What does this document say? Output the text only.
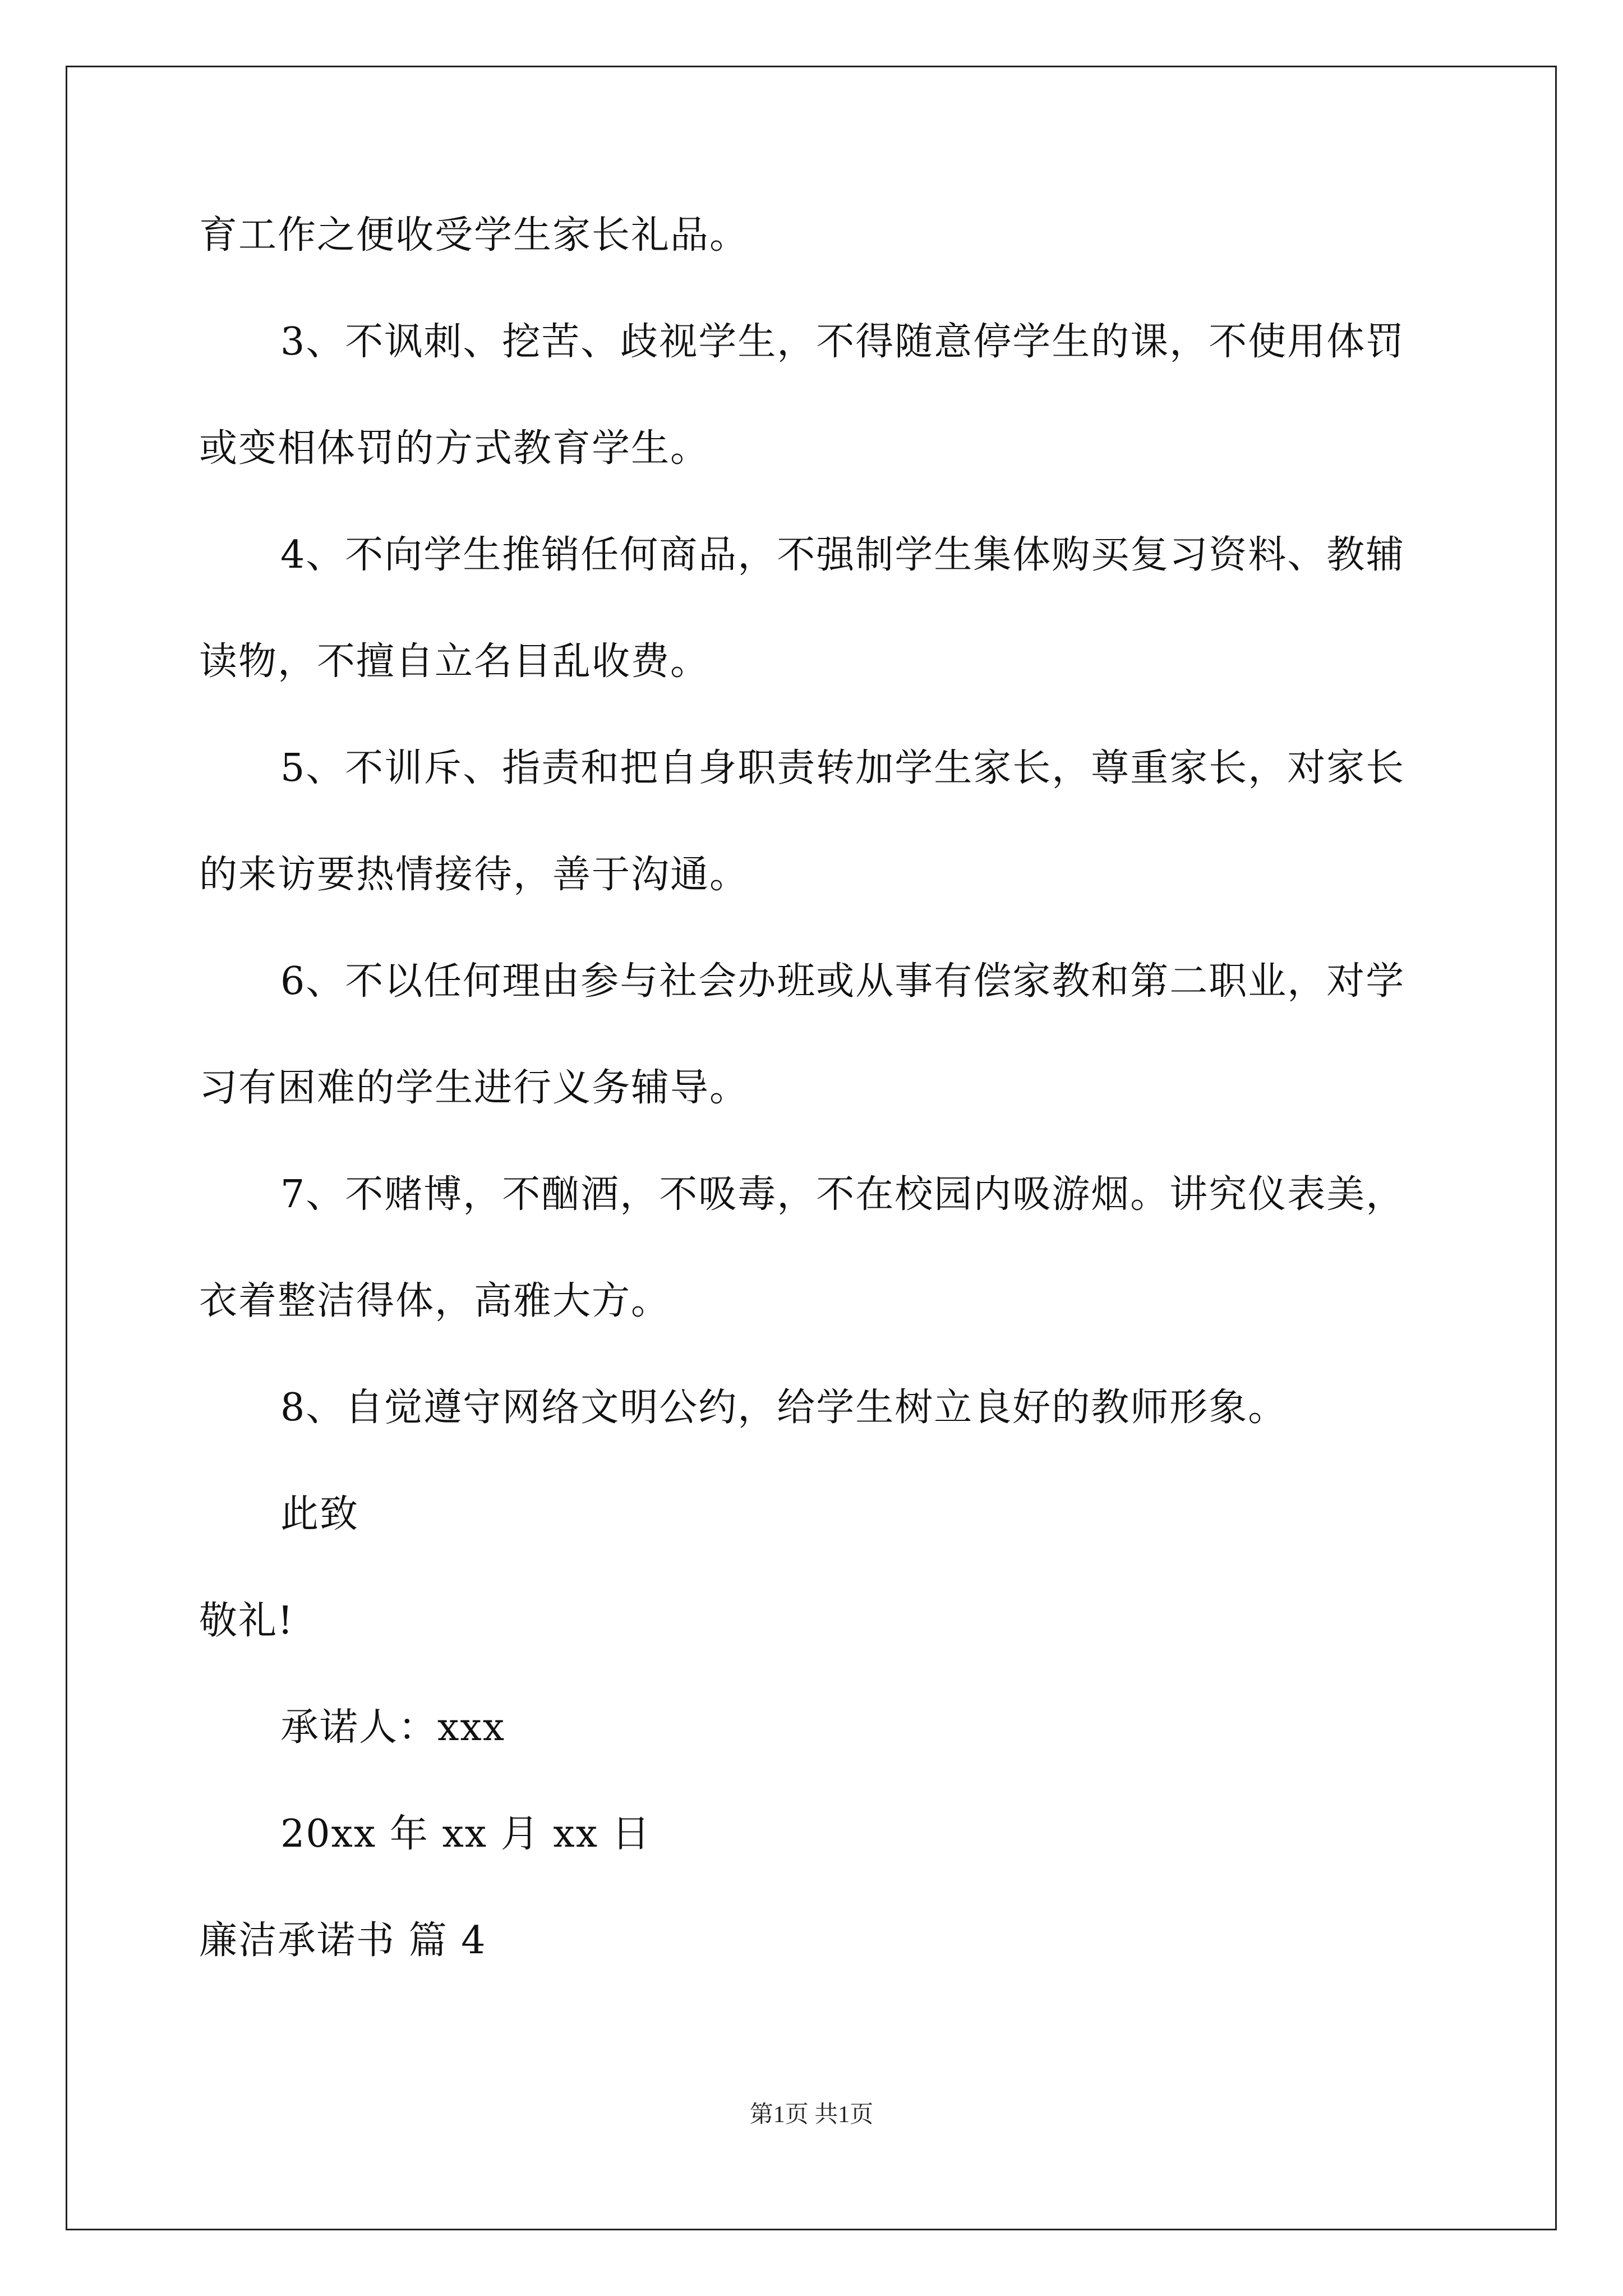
育工作之便收受学生家长礼品。
3、不讽刺、挖苦、歧视学生，不得随意停学生的课，不使用体罚
或变相体罚的方式教育学生。
4、不向学生推销任何商品，不强制学生集体购买复习资料、教辅
读物，不擅自立名目乱收费。
5、不训斥、指责和把自身职责转加学生家长，尊重家长，对家长
的来访要热情接待，善于沟通。
6、不以任何理由参与社会办班或从事有偿家教和第二职业，对学
习有困难的学生进行义务辅导。
7、不赌博，不酗酒，不吸毒，不在校园内吸游烟。讲究仪表美，
衣着整洁得体，高雅大方。
8、自觉遵守网络文明公约，给学生树立良好的教师形象。
此致
敬礼!
承诺人：xxx
20xx 年 xx 月 xx 日
廉洁承诺书 篇 4
第1页 共1页
